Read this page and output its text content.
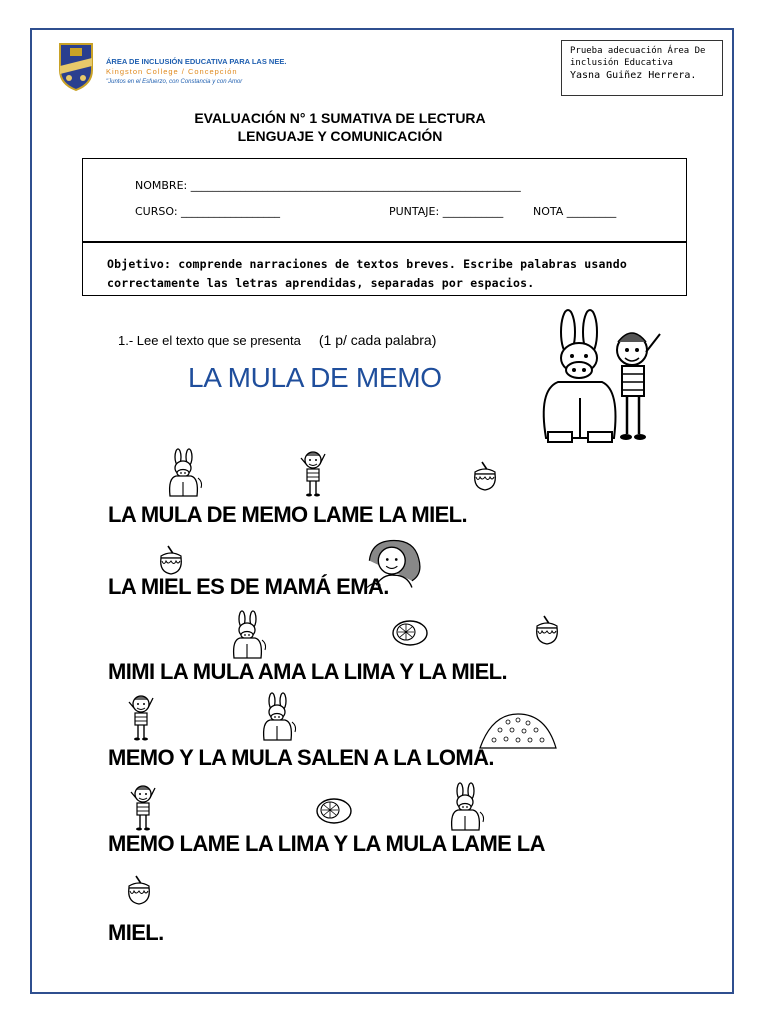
ÁREA DE INCLUSIÓN EDUCATIVA PARA LAS NEE.
Kingston College / Concepción
"Juntos en el Esfuerzo, con Constancia y con Amor
Prueba adecuación Área De
inclusión Educativa
Yasna Guiñez Herrera.
EVALUACIÓN N° 1 SUMATIVA DE LECTURA
LENGUAJE Y COMUNICACIÓN
NOMBRE: ____________________________________________________________
CURSO: __________________	PUNTAJE: ___________	NOTA _________
Objetivo: comprende narraciones de textos breves. Escribe palabras usando
correctamente las letras aprendidas, separadas por espacios.
1.- Lee el texto que se presenta (1 p/ cada palabra)
LA MULA DE MEMO
LA MULA DE MEMO LAME LA MIEL.
LA MIEL ES DE MAMÁ EMA.
MIMI LA MULA AMA LA LIMA Y LA MIEL.
MEMO Y LA MULA SALEN A LA LOMA.
MEMO LAME LA LIMA Y LA MULA LAME LA
MIEL.
